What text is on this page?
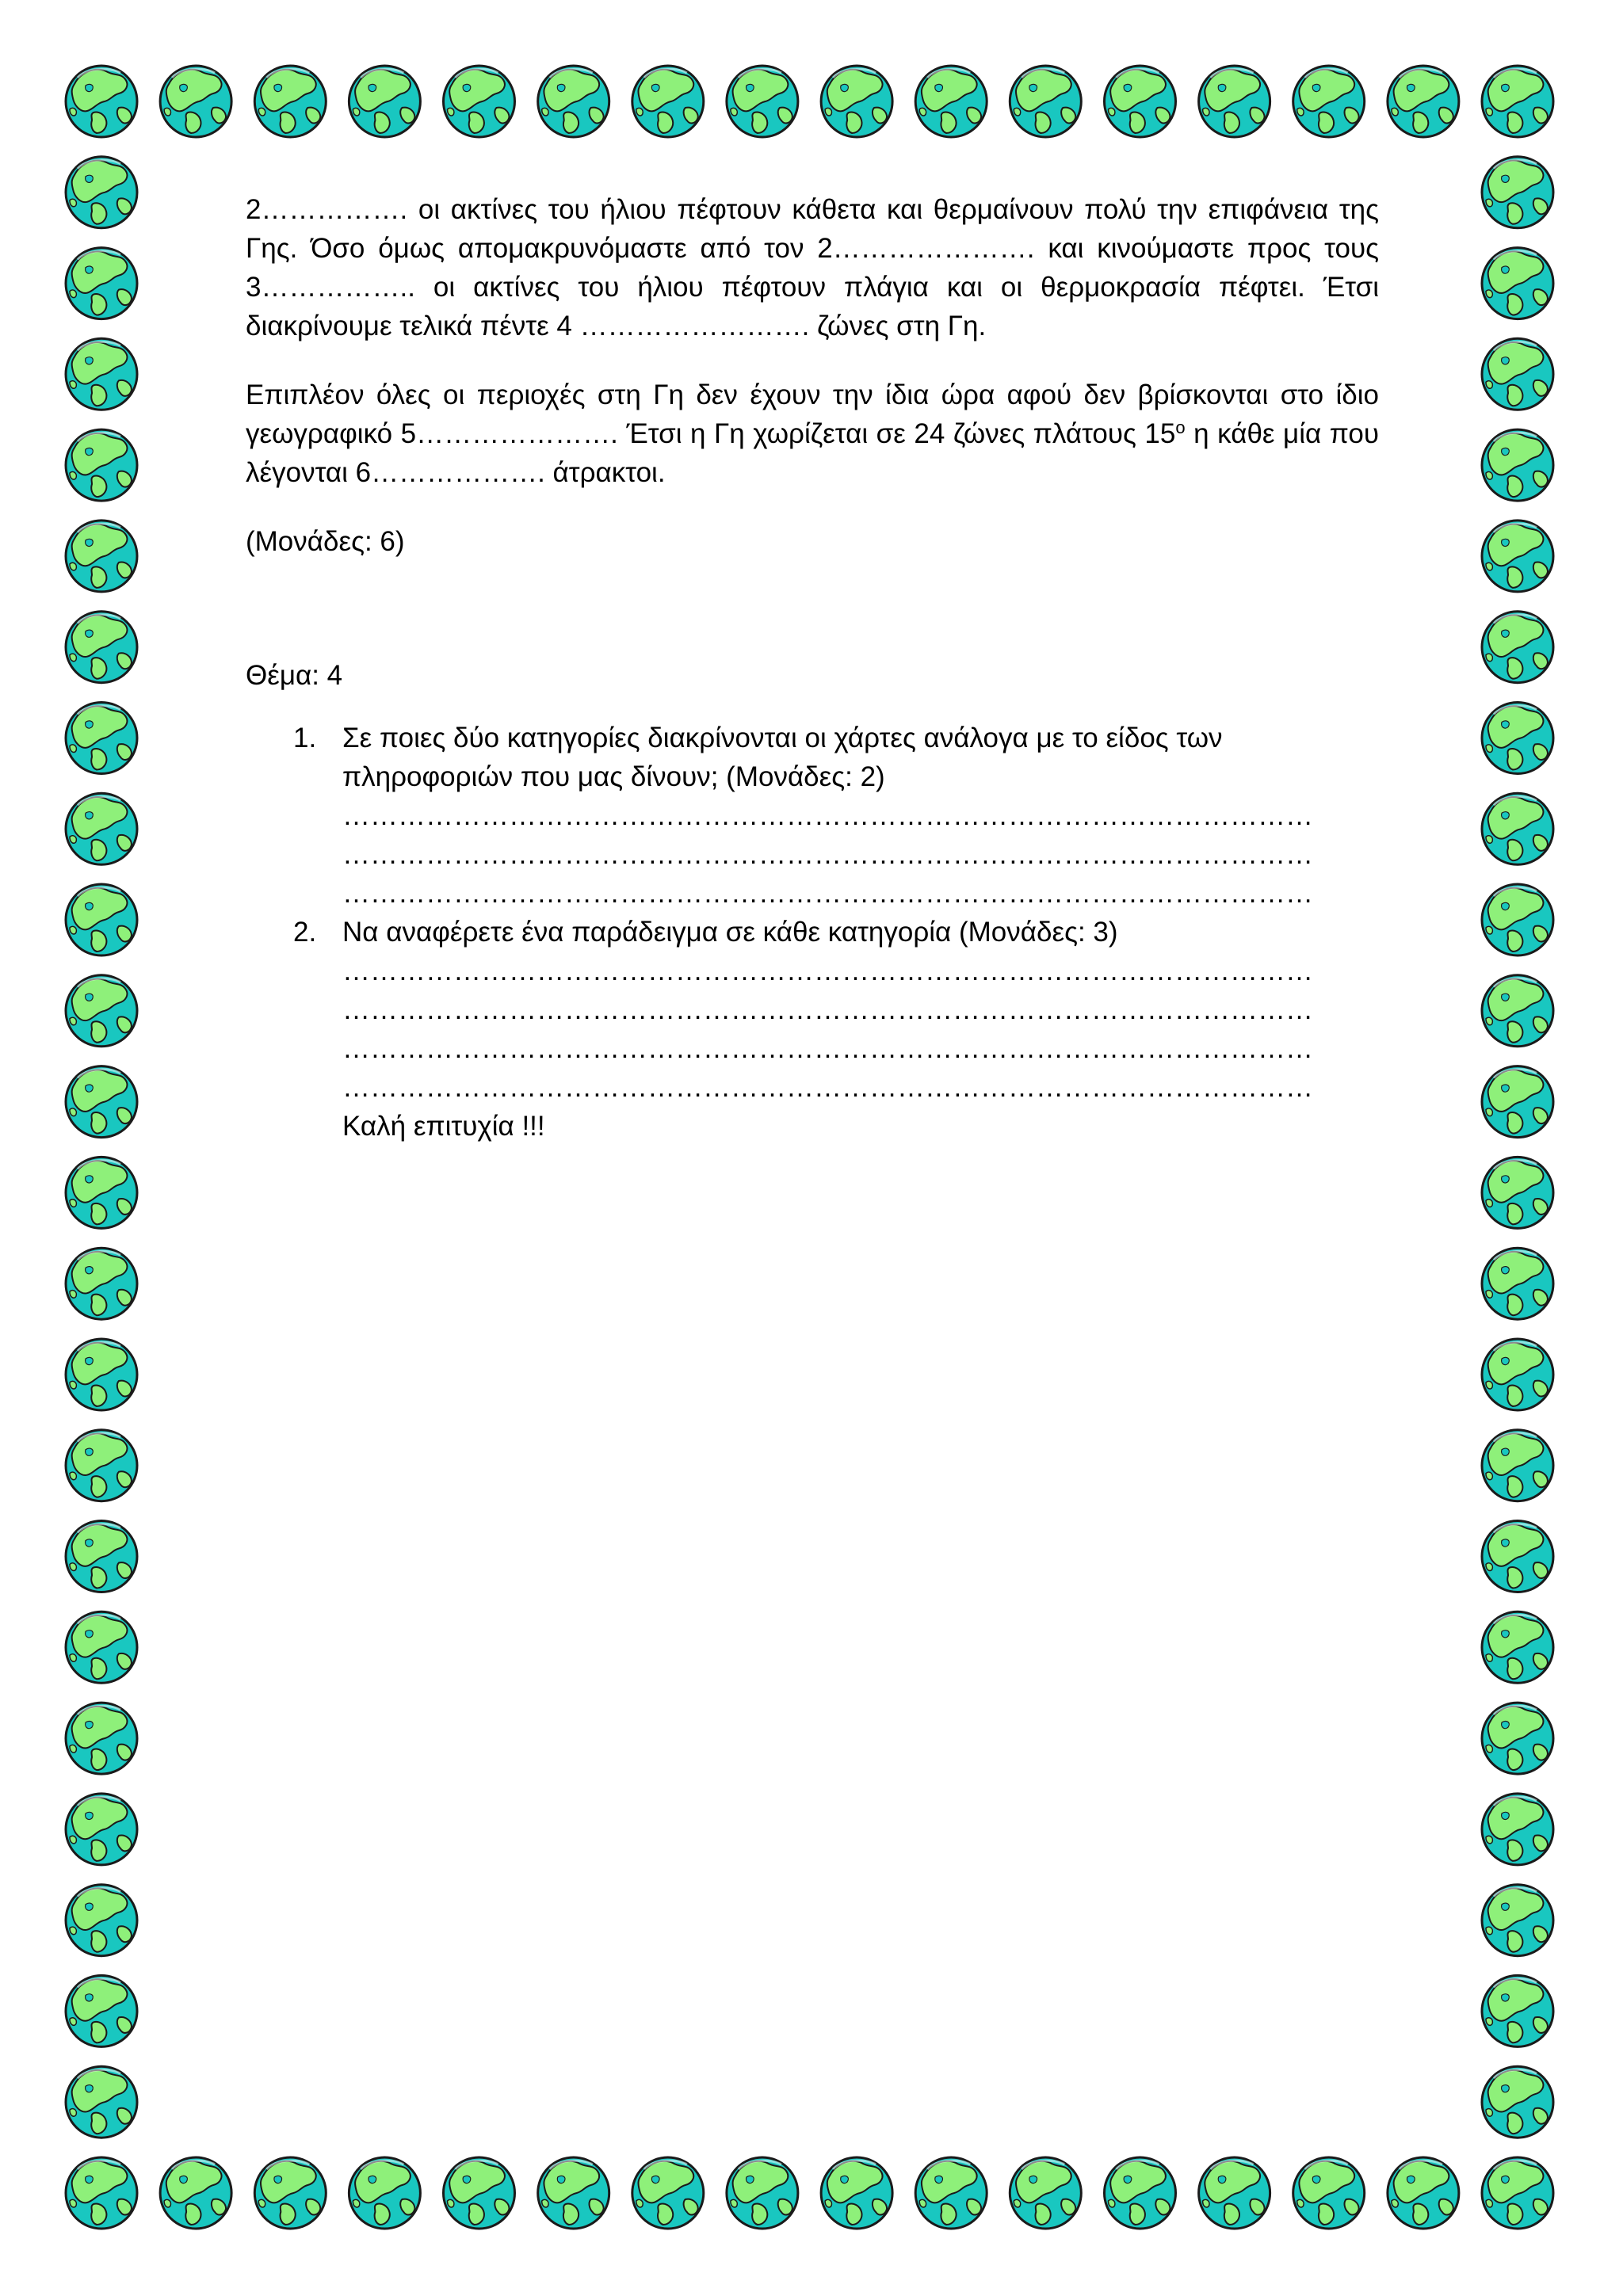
2……………. οι ακτίνες του ήλιου πέφτουν κάθετα και θερμαίνουν πολύ την επιφάνεια της Γης. Όσο όμως απομακρυνόμαστε από τον 2…………………. και κινούμαστε προς τους 3…………….. οι ακτίνες του ήλιου πέφτουν πλάγια και οι θερμοκρασία πέφτει. Έτσι διακρίνουμε τελικά πέντε 4 ……………………. ζώνες στη Γη.

Επιπλέον όλες οι περιοχές στη Γη δεν έχουν την ίδια ώρα αφού δεν βρίσκονται στο ίδιο γεωγραφικό 5…………………. Έτσι η Γη χωρίζεται σε 24 ζώνες πλάτους $15^o$ η κάθε μία που λέγονται 6………………. άτρακτοι.

(Μονάδες: 6)

Θέμα: 4

1. Σε ποιες δύο κατηγορίες διακρίνονται οι χάρτες ανάλογα με το είδος των πληροφοριών που μας δίνουν; (Μονάδες: 2)

……………………………………………………………………………………………
……………………………………………………………………………………………
……………………………………………………………………………………………
2. Να αναφέρετε ένα παράδειγμα σε κάθε κατηγορία (Μονάδες: 3)

……………………………………………………………………………………………
……………………………………………………………………………………………
……………………………………………………………………………………………
……………………………………………………………………………………………

Καλή επιτυχία !!!
